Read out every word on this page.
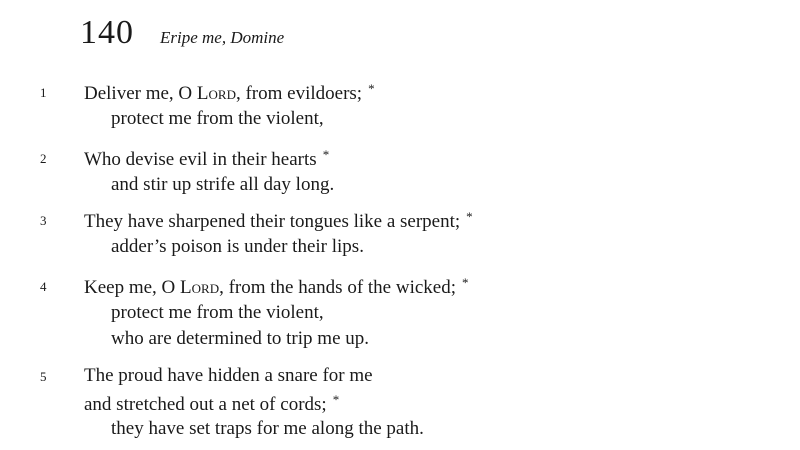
140 Eripe me, Domine
1 Deliver me, O Lord, from evildoers; *
protect me from the violent,
2 Who devise evil in their hearts *
and stir up strife all day long.
3 They have sharpened their tongues like a serpent; *
adder’s poison is under their lips.
4 Keep me, O Lord, from the hands of the wicked; *
protect me from the violent,
who are determined to trip me up.
5 The proud have hidden a snare for me
and stretched out a net of cords; *
they have set traps for me along the path.
